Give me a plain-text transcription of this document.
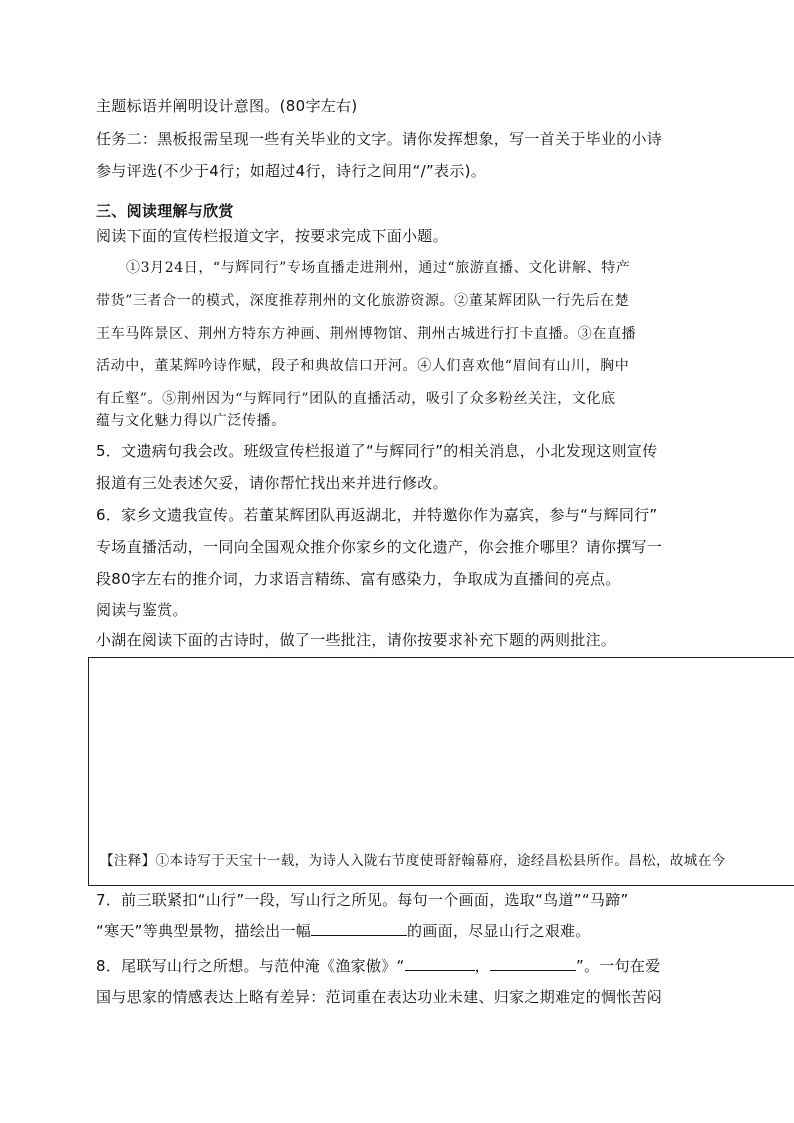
主题标语并阐明设计意图。(80字左右)
任务二：黑板报需呈现一些有关毕业的文字。请你发挥想象，写一首关于毕业的小诗
参与评选(不少于4行；如超过4行，诗行之间用“/”表示)。
三、阅读理解与欣赏
阅读下面的宣传栏报道文字，按要求完成下面小题。
①3月24日，“与辉同行”专场直播走进荆州，通过“旅游直播、文化讲解、特产
带货”三者合一的模式，深度推荐荆州的文化旅游资源。②董某辉团队一行先后在楚
王车马阵景区、荆州方特东方神画、荆州博物馆、荆州古城进行打卡直播。③在直播
活动中，董某辉吟诗作赋，段子和典故信口开河。④人们喜欢他“眉间有山川，胸中
有丘壑”。⑤荆州因为“与辉同行”团队的直播活动，吸引了众多粉丝关注，文化底
蕴与文化魅力得以广泛传播。
5．文遗病句我会改。班级宣传栏报道了“与辉同行”的相关消息，小北发现这则宣传
报道有三处表述欠妥，请你帮忙找出来并进行修改。
6．家乡文遗我宣传。若董某辉团队再返湖北，并特邀你作为嘉宾，参与“与辉同行”
专场直播活动，一同向全国观众推介你家乡的文化遗产，你会推介哪里？请你撰写一
段80字左右的推介词，力求语言精练、富有感染力，争取成为直播间的亮点。
阅读与鉴赏。
小湖在阅读下面的古诗时，做了一些批注，请你按要求补充下题的两则批注。
【注释】①本诗写于天宝十一载，为诗人入陇右节度使哥舒翰幕府，途经昌松县所作。昌松，故城在今
7．前三联紧扣“山行”一段，写山行之所见。每句一个画面，选取“鸟道”“马蹄”
“寒天”等典型景物，描绘出一幅	的画面，尽显山行之艰难。
8．尾联写山行之所想。与范仲淹《渔家傲》“	，	”。一句在爱
国与思家的情感表达上略有差异：范词重在表达功业未建、归家之期难定的惆怅苦闷
